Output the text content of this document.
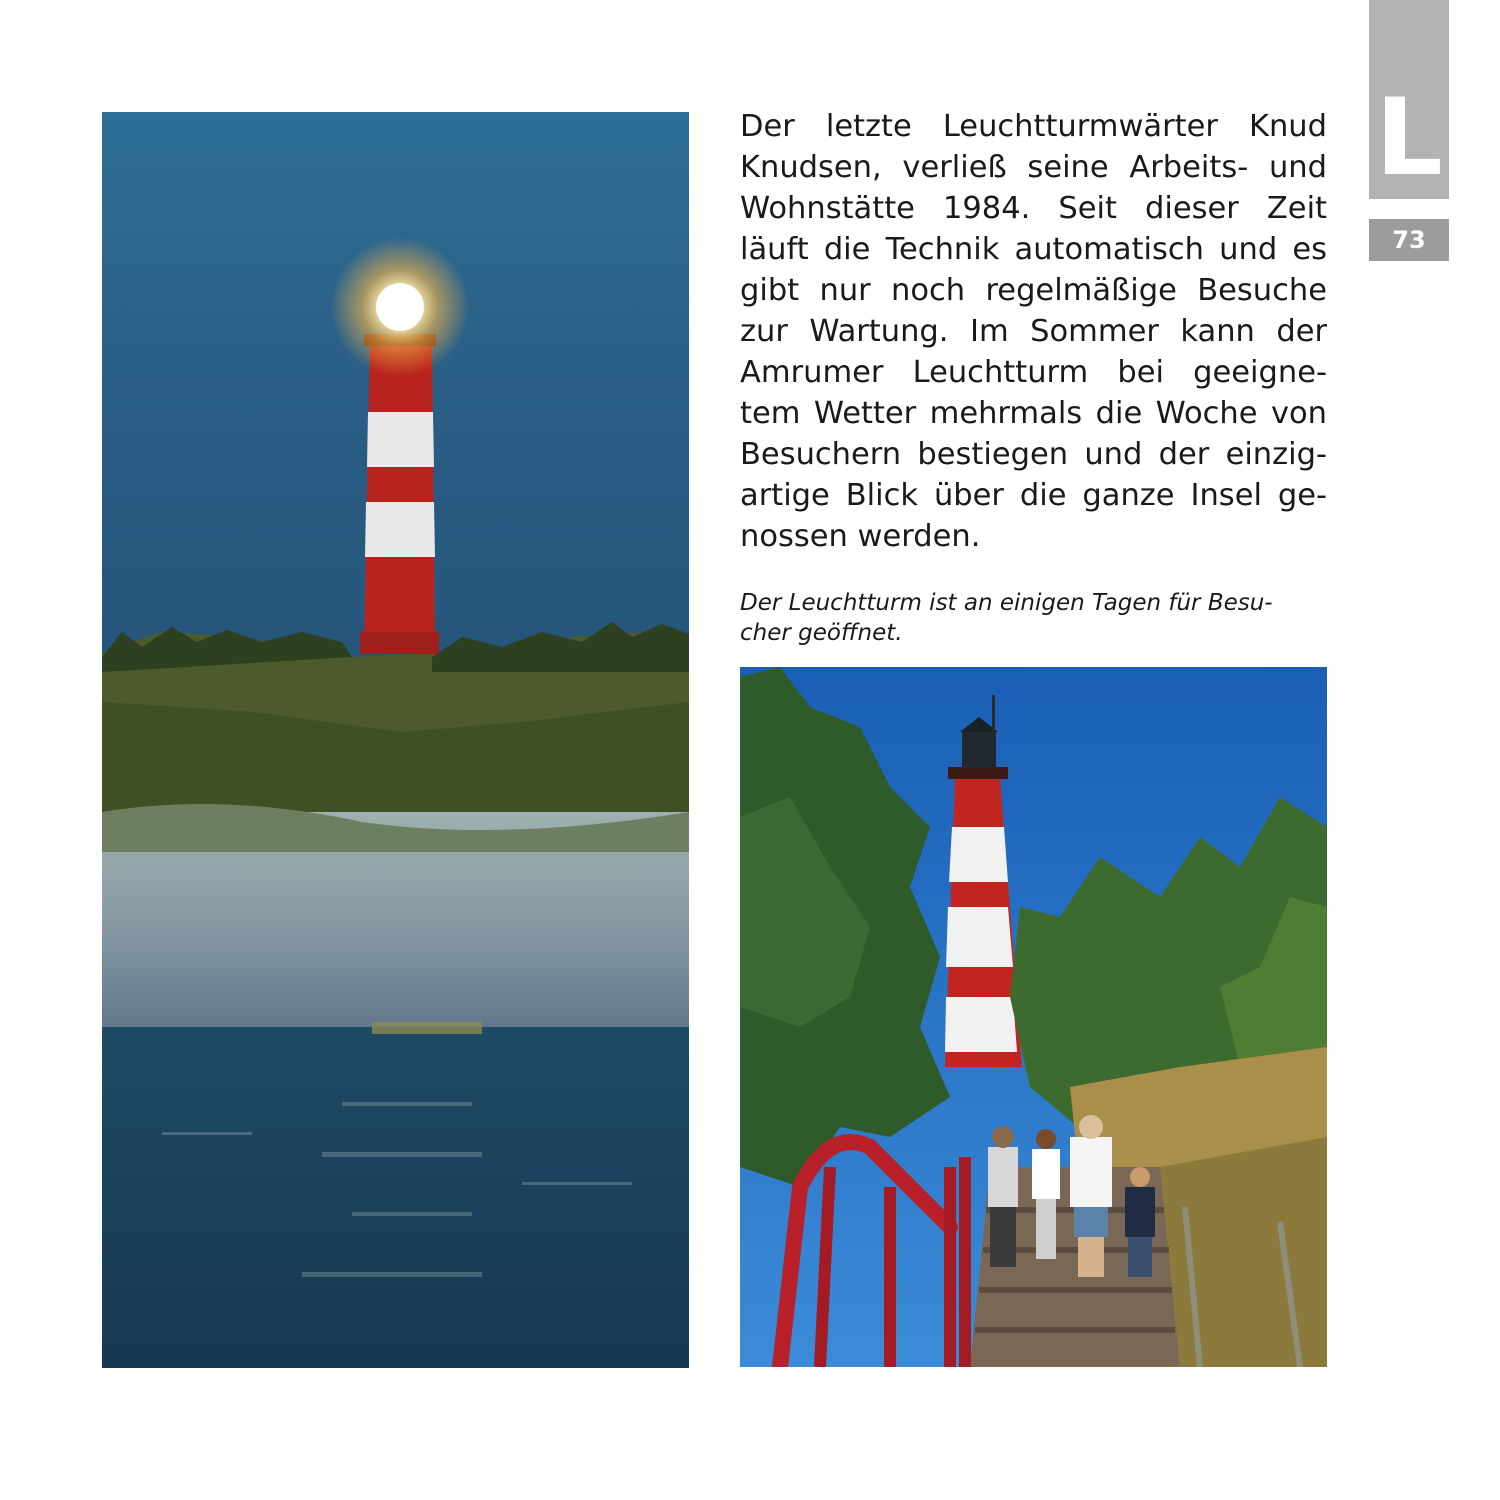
L
73
Der letzte Leuchtturmwärter Knud
Knudsen, verließ seine Arbeits- und
Wohnstätte 1984. Seit dieser Zeit
läuft die Technik automatisch und es
gibt nur noch regelmäßige Besuche
zur Wartung. Im Sommer kann der
Amrumer Leuchtturm bei geeigne-
tem Wetter mehrmals die Woche von
Besuchern bestiegen und der einzig-
artige Blick über die ganze Insel ge-
nossen werden.
Der Leuchtturm ist an einigen Tagen für Besu-
cher geöffnet.
